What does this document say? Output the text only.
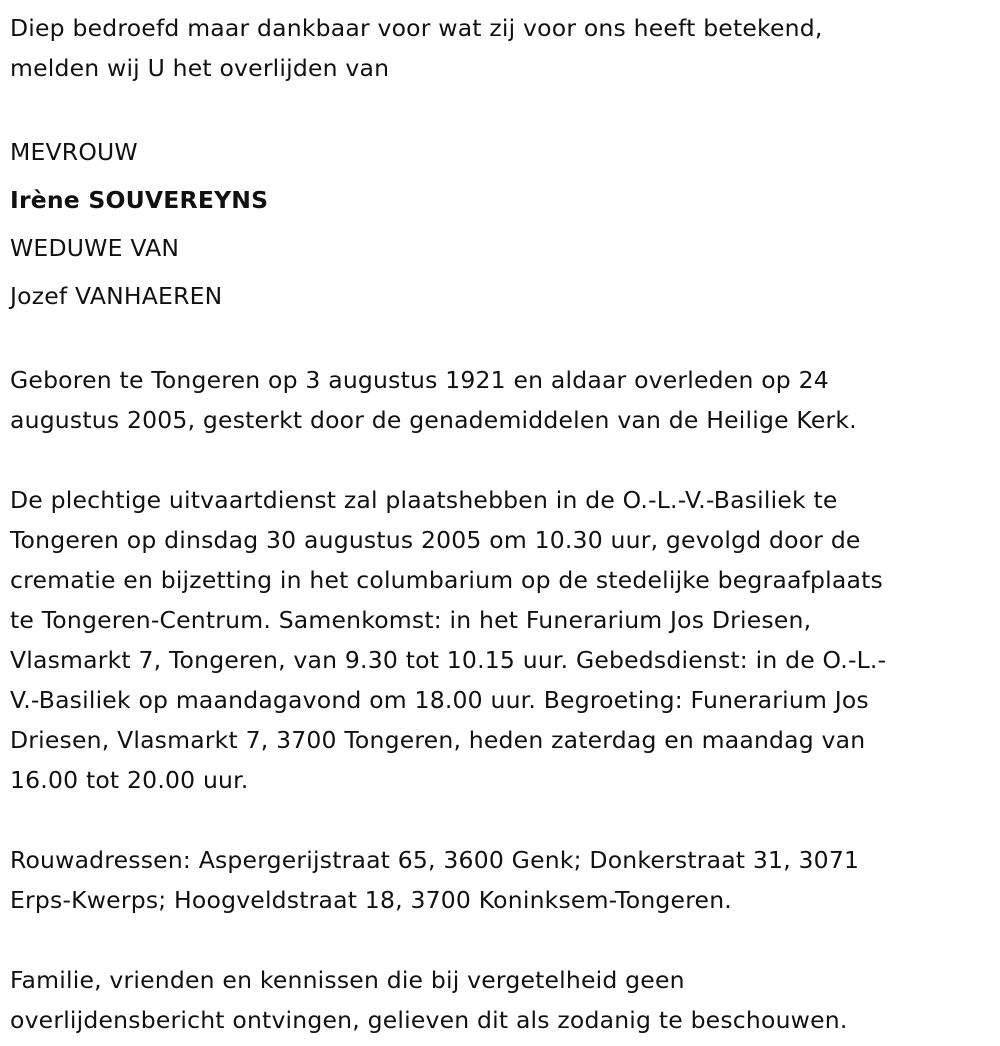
Diep bedroefd maar dankbaar voor wat zij voor ons heeft betekend,

melden wij U het overlijden van

MEVROUW

Irène SOUVEREYNS

WEDUWE VAN

Jozef VANHAEREN

Geboren te Tongeren op 3 augustus 1921 en aldaar overleden op 24

augustus 2005, gesterkt door de genademiddelen van de Heilige Kerk.

De plechtige uitvaartdienst zal plaatshebben in de O.-L.-V.-Basiliek te

Tongeren op dinsdag 30 augustus 2005 om 10.30 uur, gevolgd door de

crematie en bijzetting in het columbarium op de stedelijke begraafplaats

te Tongeren-Centrum. Samenkomst: in het Funerarium Jos Driesen,

Vlasmarkt 7, Tongeren, van 9.30 tot 10.15 uur. Gebedsdienst: in de O.-L.-

V.-Basiliek op maandagavond om 18.00 uur. Begroeting: Funerarium Jos

Driesen, Vlasmarkt 7, 3700 Tongeren, heden zaterdag en maandag van

16.00 tot 20.00 uur.

Rouwadressen: Aspergerijstraat 65, 3600 Genk; Donkerstraat 31, 3071

Erps-Kwerps; Hoogveldstraat 18, 3700 Koninksem-Tongeren.

Familie, vrienden en kennissen die bij vergetelheid geen

overlijdensbericht ontvingen, gelieven dit als zodanig te beschouwen.
